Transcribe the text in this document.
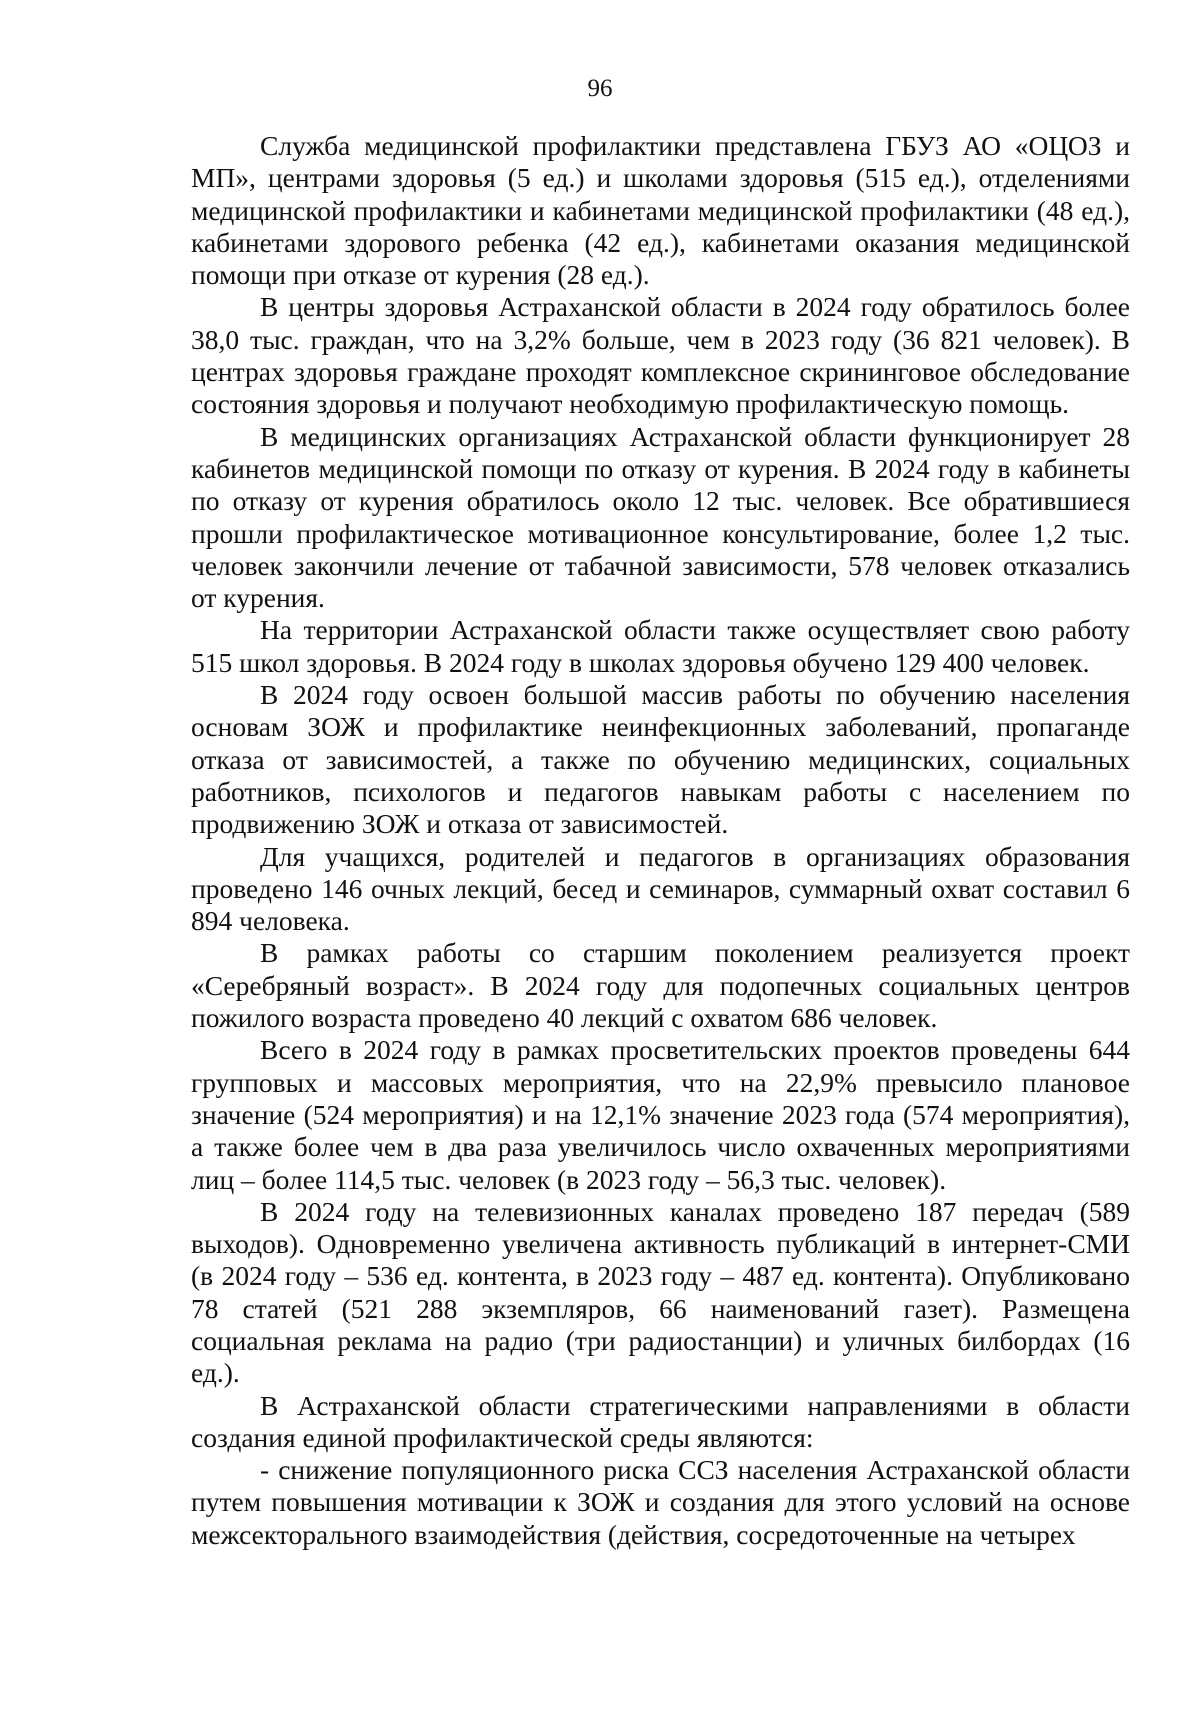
96

Служба медицинской профилактики представлена ГБУЗ АО «ОЦОЗ и МП», центрами здоровья (5 ед.) и школами здоровья (515 ед.), отделениями медицинской профилактики и кабинетами медицинской профилактики (48 ед.), кабинетами здорового ребенка (42 ед.), кабинетами оказания медицинской помощи при отказе от курения (28 ед.).

В центры здоровья Астраханской области в 2024 году обратилось более 38,0 тыс. граждан, что на 3,2% больше, чем в 2023 году (36 821 человек). В центрах здоровья граждане проходят комплексное скрининговое обследование состояния здоровья и получают необходимую профилактическую помощь.

В медицинских организациях Астраханской области функционирует 28 кабинетов медицинской помощи по отказу от курения. В 2024 году в кабинеты по отказу от курения обратилось около 12 тыс. человек. Все обратившиеся прошли профилактическое мотивационное консультирование, более 1,2 тыс. человек закончили лечение от табачной зависимости, 578 человек отказались от курения.

На территории Астраханской области также осуществляет свою работу 515 школ здоровья. В 2024 году в школах здоровья обучено 129 400 человек.

В 2024 году освоен большой массив работы по обучению населения основам ЗОЖ и профилактике неинфекционных заболеваний, пропаганде отказа от зависимостей, а также по обучению медицинских, социальных работников, психологов и педагогов навыкам работы с населением по продвижению ЗОЖ и отказа от зависимостей.

Для учащихся, родителей и педагогов в организациях образования проведено 146 очных лекций, бесед и семинаров, суммарный охват составил 6 894 человека.

В рамках работы со старшим поколением реализуется проект «Серебряный возраст». В 2024 году для подопечных социальных центров пожилого возраста проведено 40 лекций с охватом 686 человек.

Всего в 2024 году в рамках просветительских проектов проведены 644 групповых и массовых мероприятия, что на 22,9% превысило плановое значение (524 мероприятия) и на 12,1% значение 2023 года (574 мероприятия), а также более чем в два раза увеличилось число охваченных мероприятиями лиц – более 114,5 тыс. человек (в 2023 году – 56,3 тыс. человек).

В 2024 году на телевизионных каналах проведено 187 передач (589 выходов). Одновременно увеличена активность публикаций в интернет-СМИ (в 2024 году – 536 ед. контента, в 2023 году – 487 ед. контента). Опубликовано 78 статей (521 288 экземпляров, 66 наименований газет). Размещена социальная реклама на радио (три радиостанции) и уличных билбордах (16 ед.).

В Астраханской области стратегическими направлениями в области создания единой профилактической среды являются:

- снижение популяционного риска ССЗ населения Астраханской области путем повышения мотивации к ЗОЖ и создания для этого условий на основе межсекторального взаимодействия (действия, сосредоточенные на четырех
